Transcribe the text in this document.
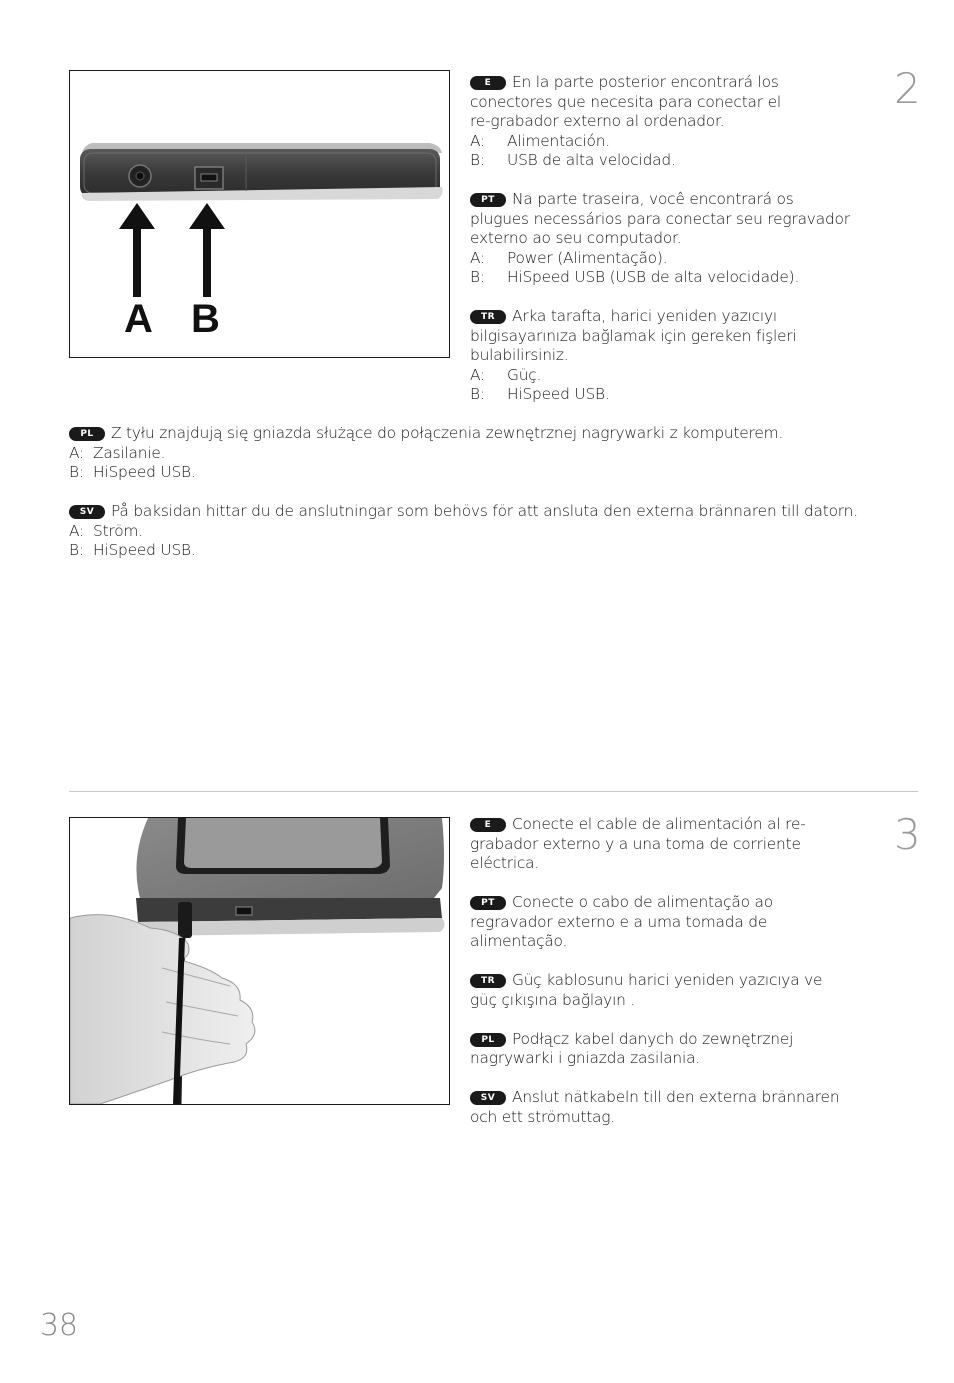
A B
2
E En la parte posterior encontrará los
conectores que necesita para conectar el
re-grabador externo al ordenador.
A: Alimentación.
B: USB de alta velocidad.
PT Na parte traseira, você encontrará os
plugues necessários para conectar seu regravador
externo ao seu computador.
A: Power (Alimentação).
B: HiSpeed USB (USB de alta velocidade).
TR Arka tarafta, harici yeniden yazıcıyı
bilgisayarınıza bağlamak için gereken fişleri
bulabilirsiniz.
A: Güç.
B: HiSpeed USB.
PL Z tyłu znajdują się gniazda służące do połączenia zewnętrznej nagrywarki z komputerem.
A: Zasilanie.
B: HiSpeed USB.
SV På baksidan hittar du de anslutningar som behövs för att ansluta den externa brännaren till datorn.
A: Ström.
B: HiSpeed USB.
3
E Conecte el cable de alimentación al re-
grabador externo y a una toma de corriente
eléctrica.
PT Conecte o cabo de alimentação ao
regravador externo e a uma tomada de
alimentação.
TR Güç kablosunu harici yeniden yazıcıya ve
güç çıkışına bağlayın .
PL Podłącz kabel danych do zewnętrznej
nagrywarki i gniazda zasilania.
SV Anslut nätkabeln till den externa brännaren
och ett strömuttag.
38
